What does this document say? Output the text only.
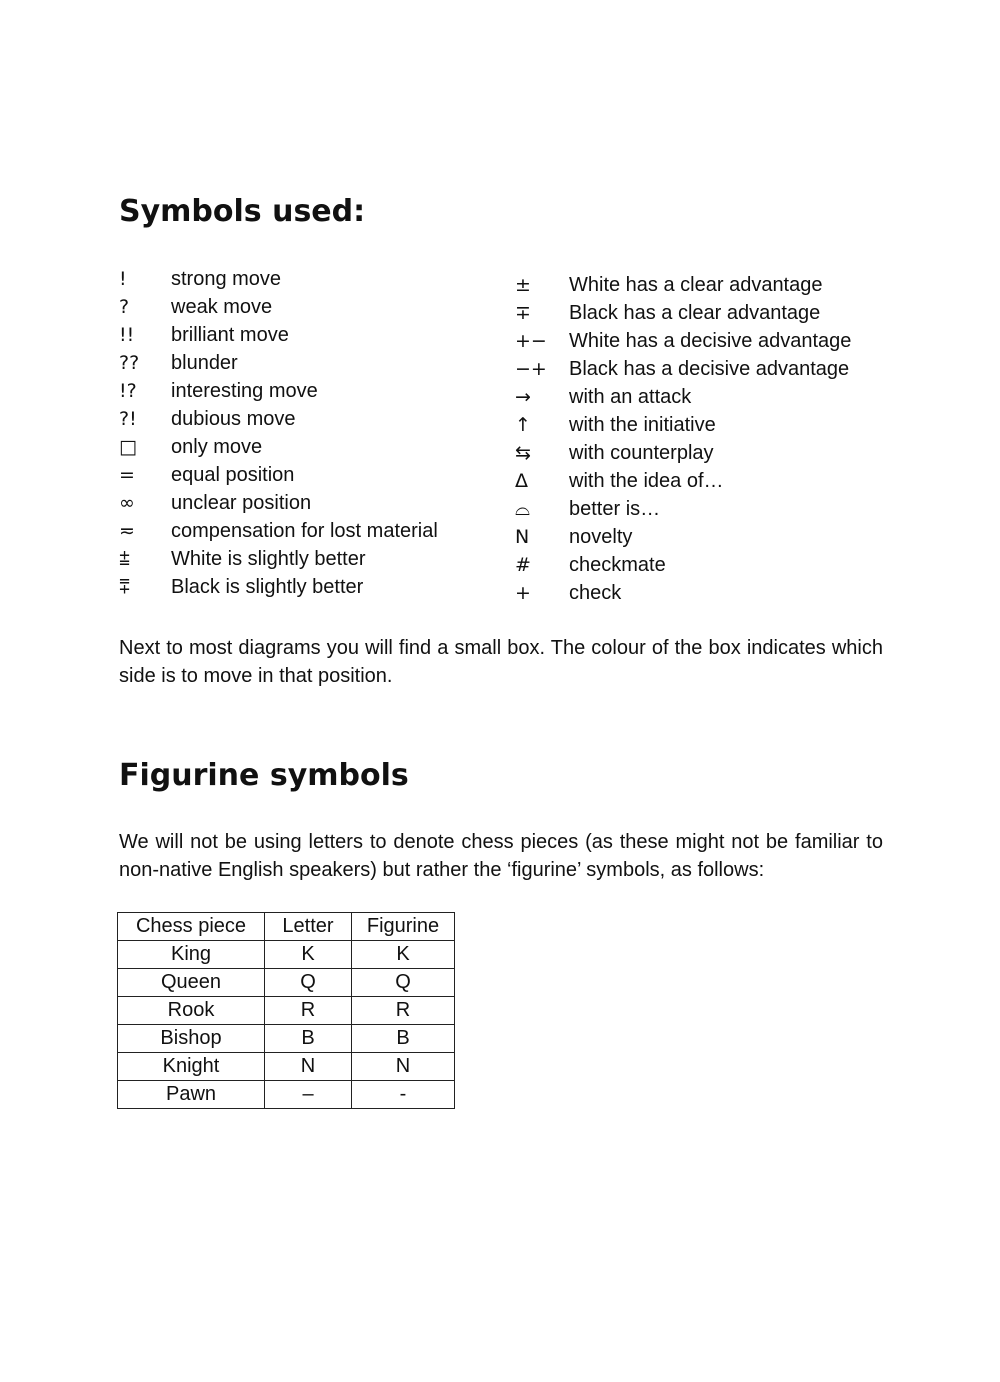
Symbols used:
!	strong move
?	weak move
!!	brilliant move
??	blunder
!?	interesting move
?!	dubious move
□	only move
=	equal position
∞	unclear position
≂	compensation for lost material
⩲	White is slightly better
⩱	Black is slightly better
±	White has a clear advantage
∓	Black has a clear advantage
+−	White has a decisive advantage
−+	Black has a decisive advantage
→	with an attack
↑	with the initiative
⇆	with counterplay
Δ	with the idea of…
⌓	better is…
N	novelty
#	checkmate
+	check

Next to most diagrams you will find a small box. The colour of the box indicates which side is to move in that position.

Figurine symbols

We will not be using letters to denote chess pieces (as these might not be familiar to non-native English speakers) but rather the ‘figurine’ symbols, as follows:

Chess piece	Letter	Figurine
King	K	K
Queen	Q	Q
Rook	R	R
Bishop	B	B
Knight	N	N
Pawn	–	-
